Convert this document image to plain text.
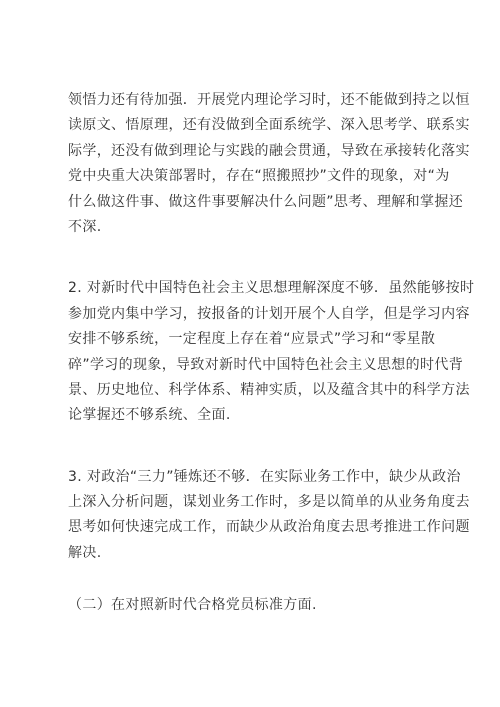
领悟力还有待加强．开展党内理论学习时，还不能做到持之以恒
读原文、悟原理，还有没做到全面系统学、深入思考学、联系实
际学，还没有做到理论与实践的融会贯通，导致在承接转化落实
党中央重大决策部署时，存在“照搬照抄”文件的现象，对“为
什么做这件事、做这件事要解决什么问题”思考、理解和掌握还
不深.
2. 对新时代中国特色社会主义思想理解深度不够．虽然能够按时
参加党内集中学习，按报备的计划开展个人自学，但是学习内容
安排不够系统，一定程度上存在着“应景式”学习和“零星散
碎”学习的现象，导致对新时代中国特色社会主义思想的时代背
景、历史地位、科学体系、精神实质，以及蕴含其中的科学方法
论掌握还不够系统、全面.
3. 对政治“三力”锤炼还不够．在实际业务工作中，缺少从政治
上深入分析问题，谋划业务工作时，多是以简单的从业务角度去
思考如何快速完成工作，而缺少从政治角度去思考推进工作问题
解决.
（二）在对照新时代合格党员标准方面.
